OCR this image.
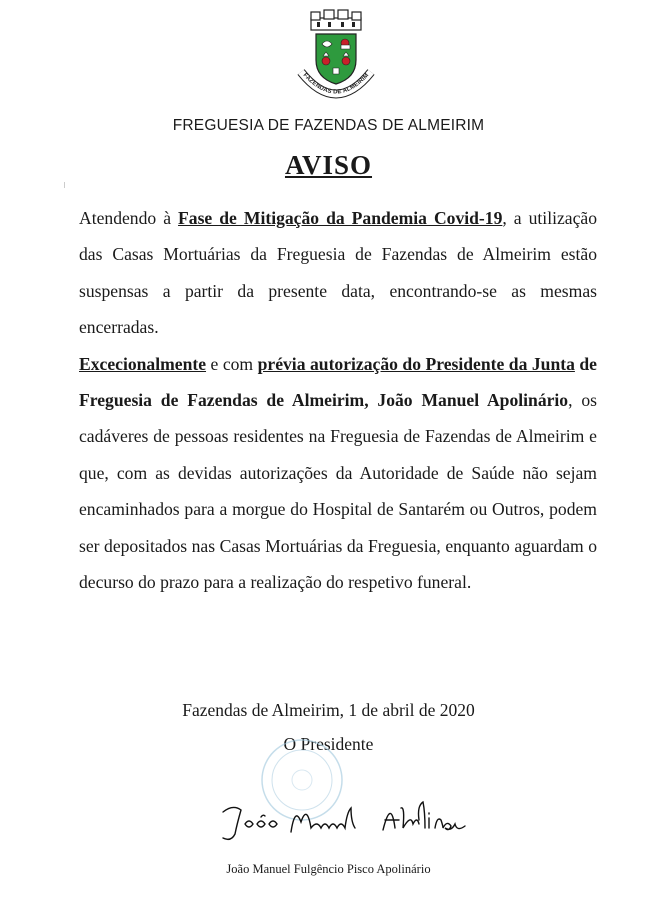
FAZENDAS DE ALMEIRIM
FREGUESIA DE FAZENDAS DE ALMEIRIM
AVISO

Atendendo à Fase de Mitigação da Pandemia Covid-19, a utilização das Casas Mortuárias da Freguesia de Fazendas de Almeirim estão suspensas a partir da presente data, encontrando-se as mesmas encerradas.

Excecionalmente e com prévia autorização do Presidente da Junta de Freguesia de Fazendas de Almeirim, João Manuel Apolinário, os cadáveres de pessoas residentes na Freguesia de Fazendas de Almeirim e que, com as devidas autorizações da Autoridade de Saúde não sejam encaminhados para a morgue do Hospital de Santarém ou Outros, podem ser depositados nas Casas Mortuárias da Freguesia, enquanto aguardam o decurso do prazo para a realização do respetivo funeral.

Fazendas de Almeirim, 1 de abril de 2020
O Presidente
João Manuel Fulgêncio Pisco Apolinário
